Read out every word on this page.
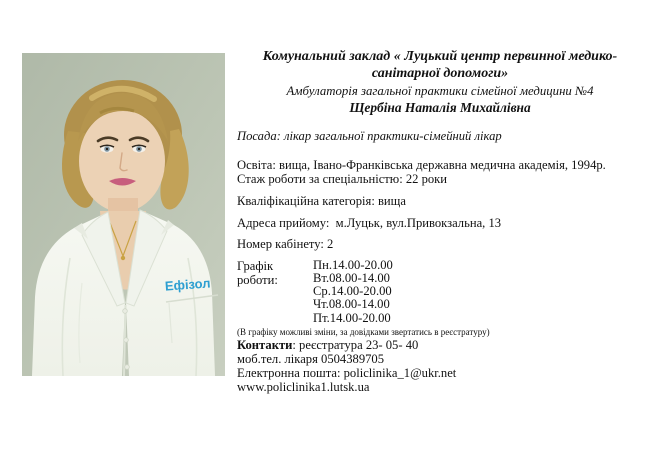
Ефізол
Комунальний заклад « Луцький центр первинної медико-санітарної допомоги»
Амбулаторія загальної практики сімейної медицини №4
Щербіна Наталія Михайлівна
Посада: лікар загальної практики-сімейний лікар
Освіта: вища, Івано-Франківська державна медична академія, 1994р.
Стаж роботи за спеціальністю: 22 роки
Кваліфікаційна категорія: вища
Адреса прийому:  м.Луцьк, вул.Привокзальна, 13
Номер кабінету: 2
Графік роботи:
Пн.14.00-20.00
Вт.08.00-14.00
Ср.14.00-20.00
Чт.08.00-14.00
Пт.14.00-20.00
(В графіку можливі зміни, за довідками звертатись в реєстратуру)
Контакти: реєстратура 23- 05- 40
моб.тел. лікаря 0504389705
Електронна пошта: policlinika_1@ukr.net
www.policlinika1.lutsk.ua
